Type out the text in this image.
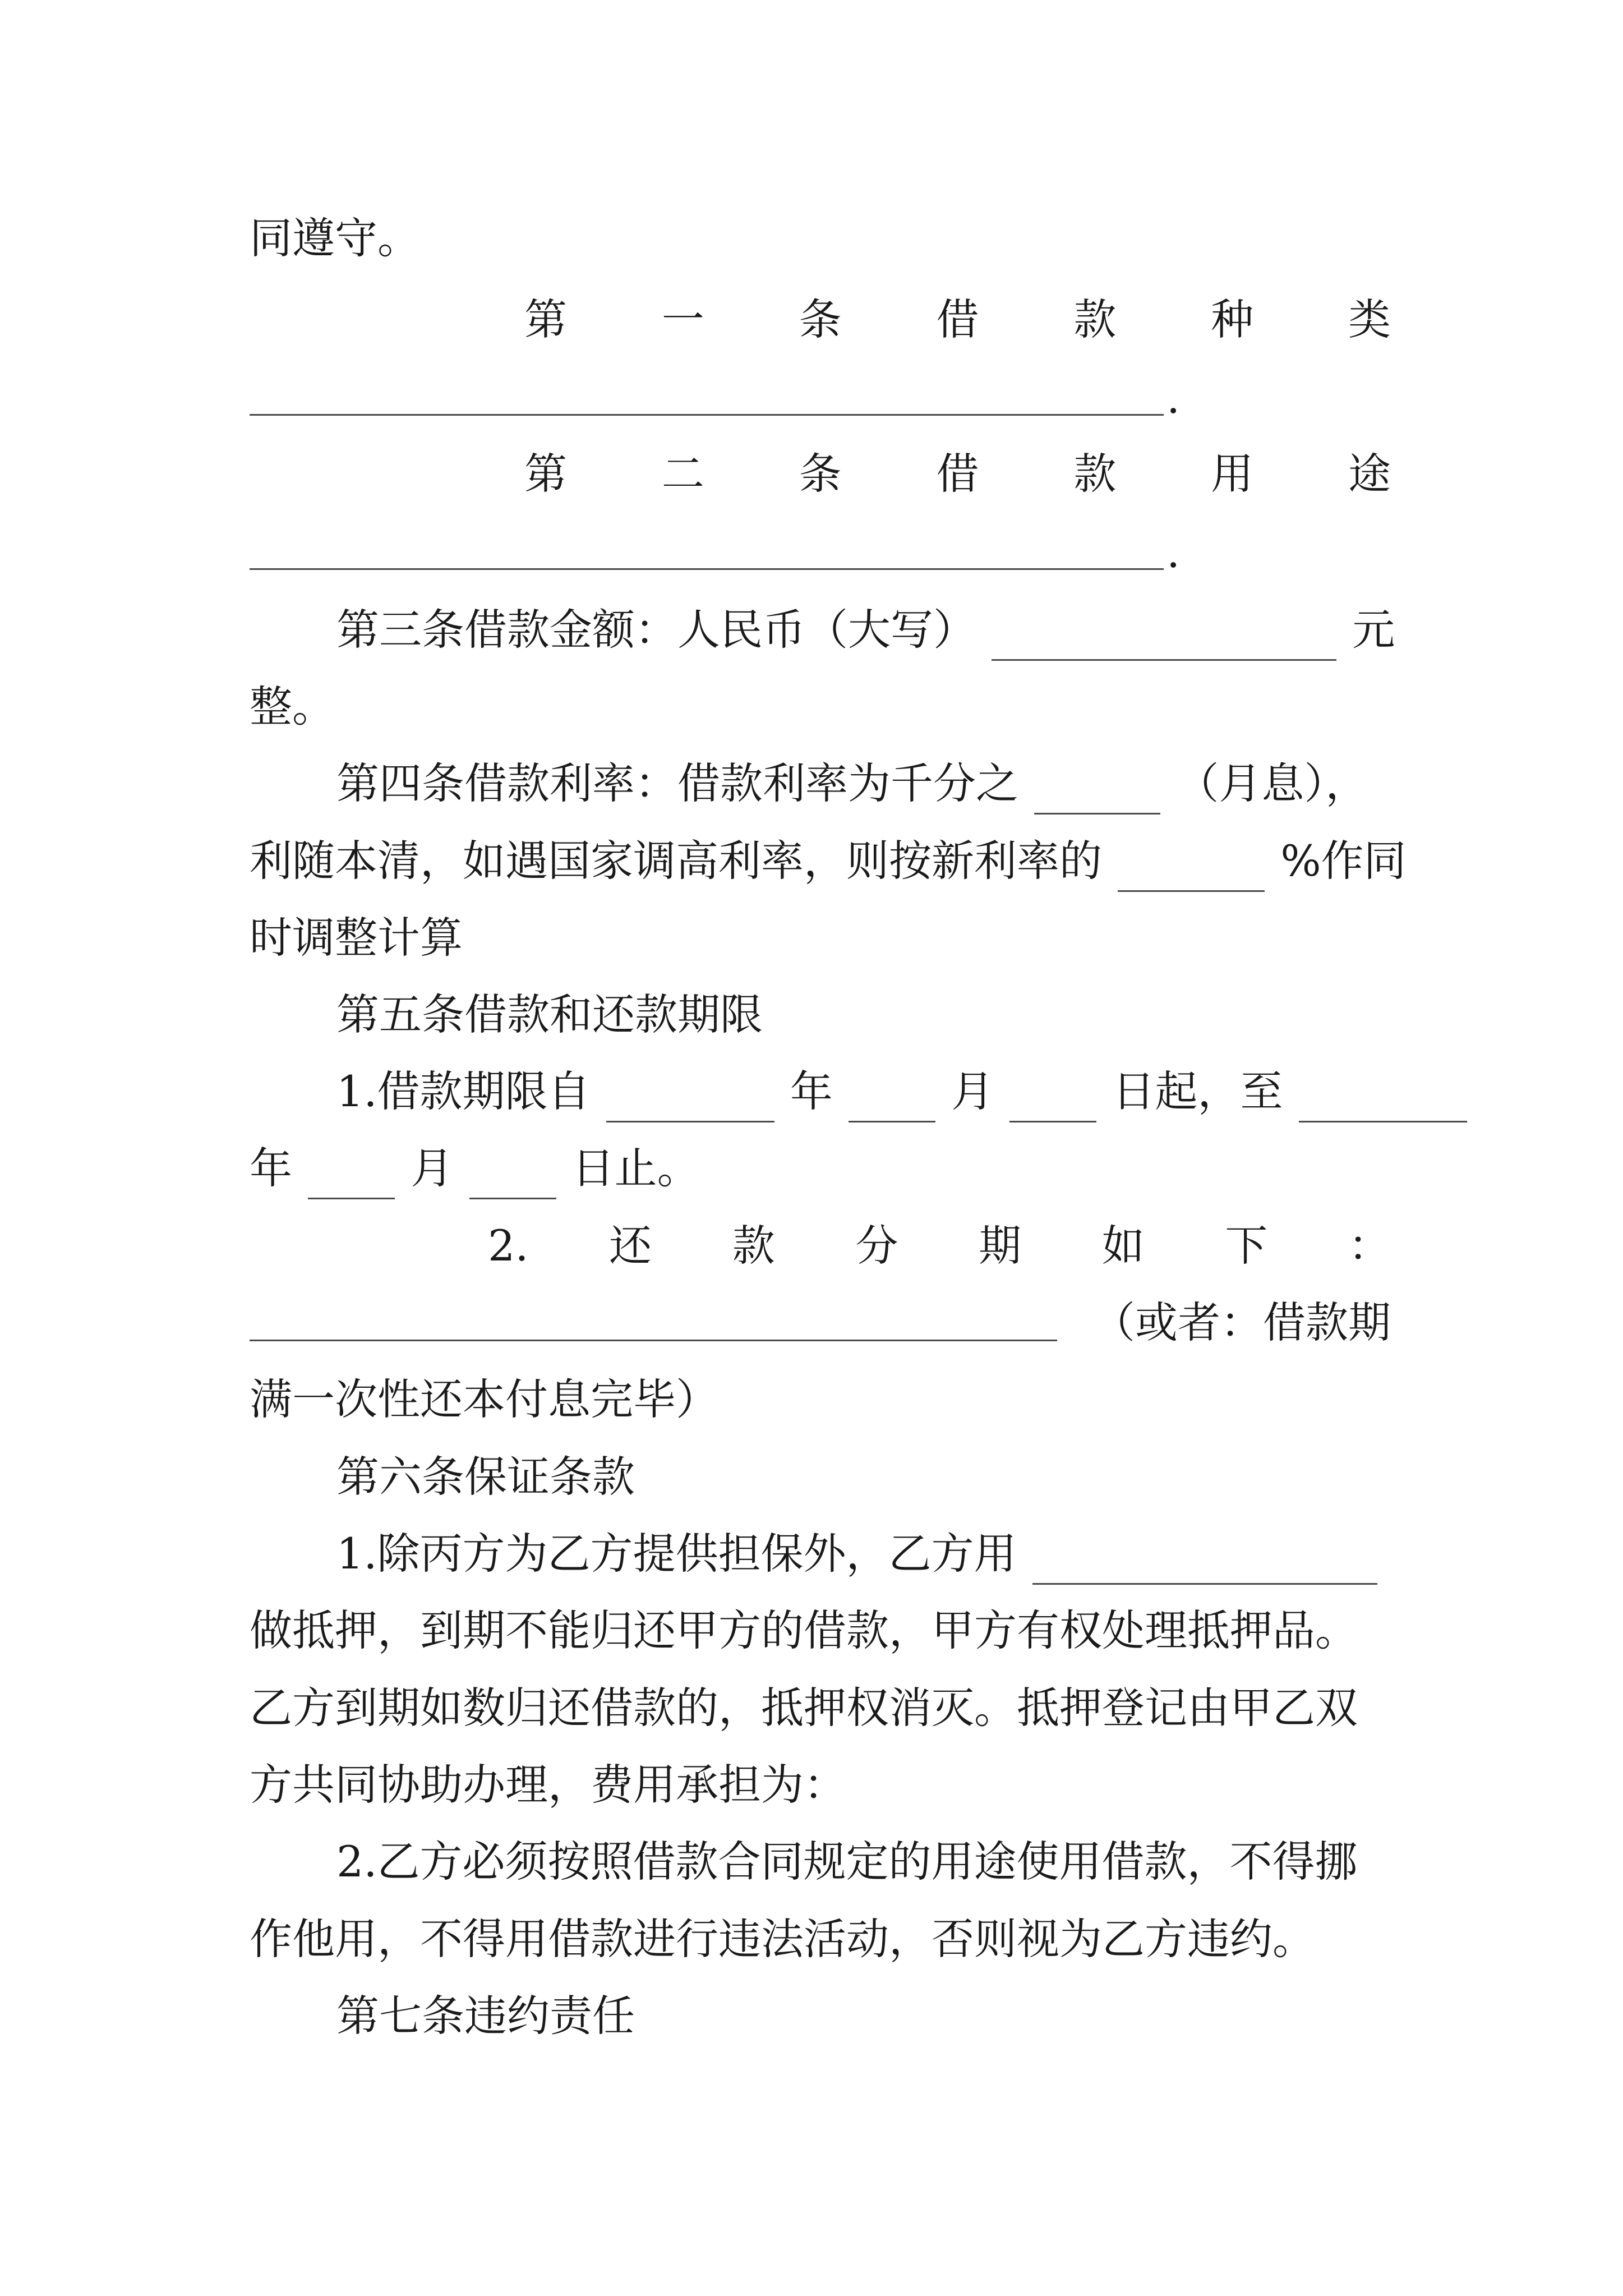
同遵守。
第 一 条 借 款 种 类
.
第 二 条 借 款 用 途
.
第三条借款金额：人民币（大写）	元
整。
第四条借款利率：借款利率为千分之	（月息），
利随本清，如遇国家调高利率，则按新利率的	%作同
时调整计算
第五条借款和还款期限
1.借款期限自	年	月	日起，至
年	月	日止。
2. 还 款 分 期 如 下 ：
（或者：借款期
满一次性还本付息完毕）
第六条保证条款
1.除丙方为乙方提供担保外，乙方用
做抵押，到期不能归还甲方的借款，甲方有权处理抵押品。
乙方到期如数归还借款的，抵押权消灭。抵押登记由甲乙双
方共同协助办理，费用承担为：
2.乙方必须按照借款合同规定的用途使用借款，不得挪
作他用，不得用借款进行违法活动，否则视为乙方违约。
第七条违约责任
